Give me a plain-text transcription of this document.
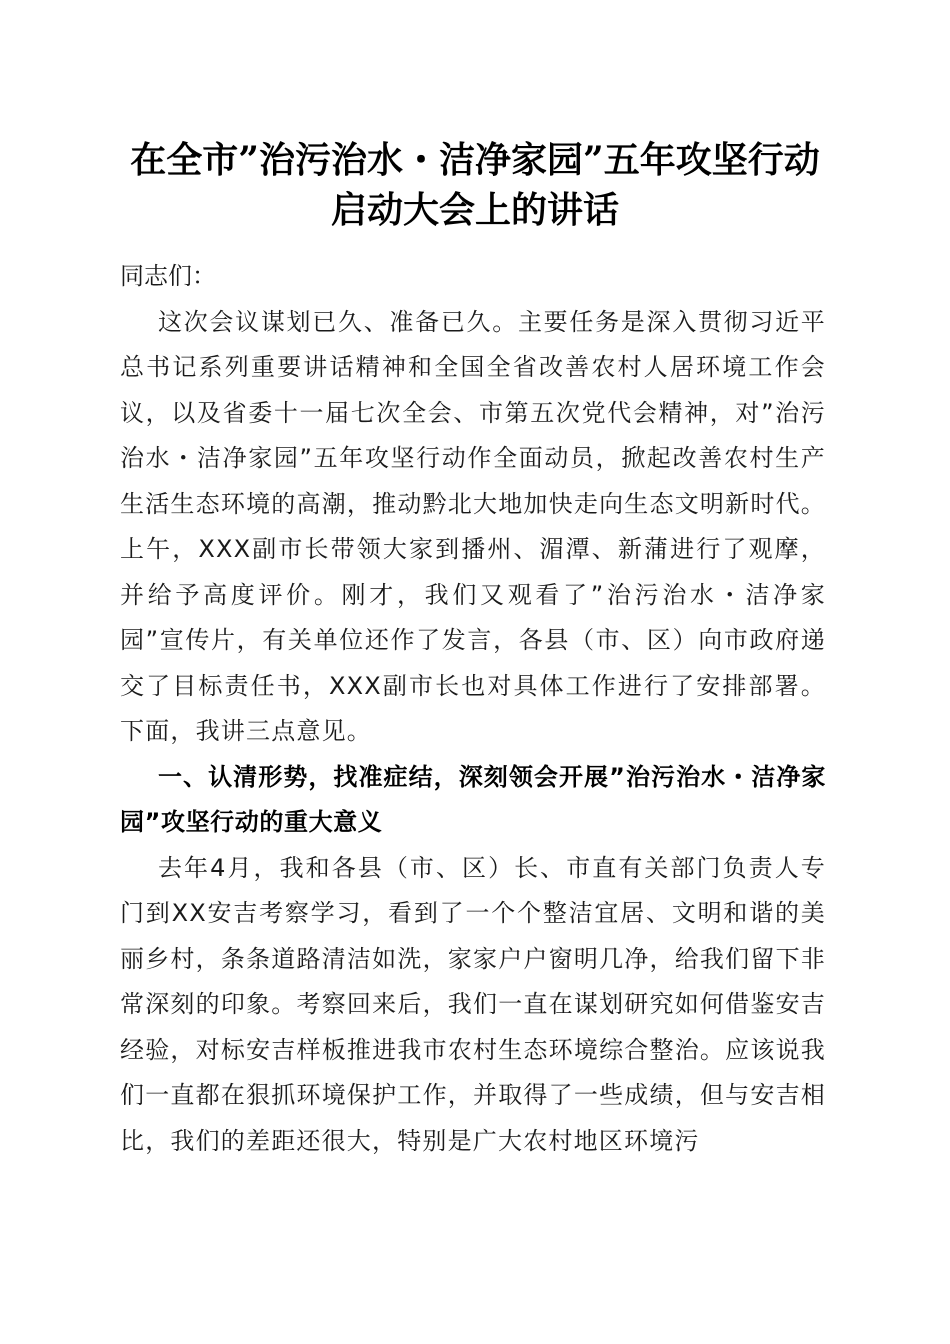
在全市”治污治水・洁净家园”五年攻坚行动
启动大会上的讲话

同志们：

这次会议谋划已久、准备已久。主要任务是深入贯彻习近平总书记系列重要讲话精神和全国全省改善农村人居环境工作会议，以及省委十一届七次全会、市第五次党代会精神，对”治污治水・洁净家园”五年攻坚行动作全面动员，掀起改善农村生产生活生态环境的高潮，推动黔北大地加快走向生态文明新时代。上午，XXX副市长带领大家到播州、湄潭、新蒲进行了观摩，并给予高度评价。刚才，我们又观看了”治污治水・洁净家园”宣传片，有关单位还作了发言，各县（市、区）向市政府递交了目标责任书，XXX副市长也对具体工作进行了安排部署。下面，我讲三点意见。

一、认清形势，找准症结，深刻领会开展”治污治水・洁净家园”攻坚行动的重大意义

去年4月，我和各县（市、区）长、市直有关部门负责人专门到XX安吉考察学习，看到了一个个整洁宜居、文明和谐的美丽乡村，条条道路清洁如洗，家家户户窗明几净，给我们留下非常深刻的印象。考察回来后，我们一直在谋划研究如何借鉴安吉经验，对标安吉样板推进我市农村生态环境综合整治。应该说我们一直都在狠抓环境保护工作，并取得了一些成绩，但与安吉相比，我们的差距还很大，特别是广大农村地区环境污
